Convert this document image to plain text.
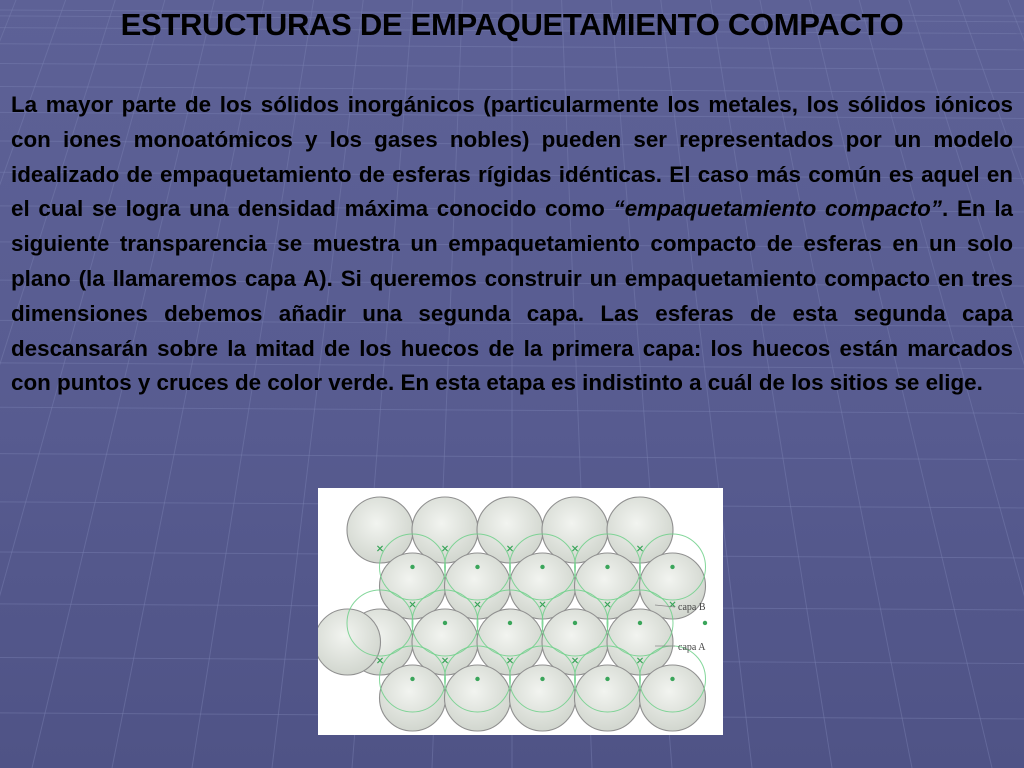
ESTRUCTURAS DE EMPAQUETAMIENTO COMPACTO

La mayor parte de los sólidos inorgánicos (particularmente los metales, los sólidos iónicos con iones monoatómicos y los gases nobles) pueden ser representados por un modelo idealizado de empaquetamiento de esferas rígidas idénticas. El caso más común es aquel en el cual se logra una densidad máxima conocido como “empaquetamiento compacto”. En la siguiente transparencia se muestra un empaquetamiento compacto de esferas en un solo plano (la llamaremos capa A). Si queremos construir un empaquetamiento compacto en tres dimensiones debemos añadir una segunda capa. Las esferas de esta segunda capa descansarán sobre la mitad de los huecos de la primera capa: los huecos están marcados con puntos y cruces de color verde. En esta etapa es indistinto a cuál de los sitios se elige.

capa B
capa A
